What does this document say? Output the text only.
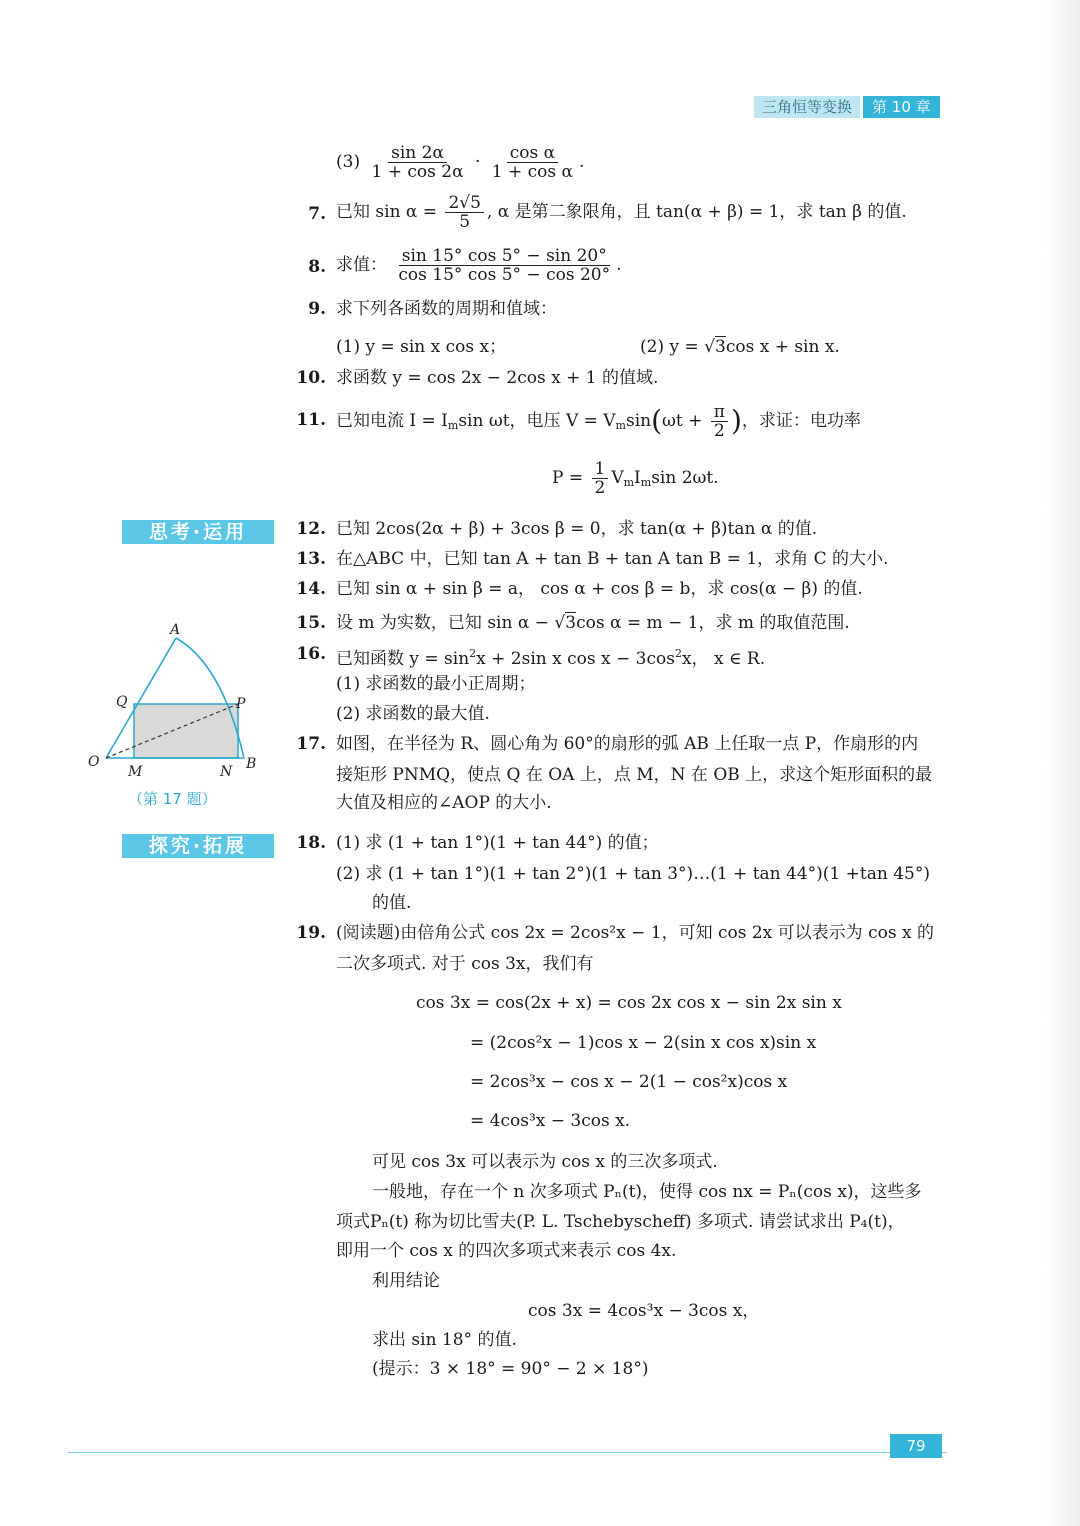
三角恒等变换	第 10 章
$(3) \frac{\sin 2\alpha}{1 + \cos 2\alpha} \cdot \frac{\text{cos α}}{\text{1 + cos α}}$ .
7. 已知 $\sin \alpha = \frac{2√5}{5}$ , α 是第二象限角，且 tan(α + β) = 1，求 tan β 的值.
8. 求值： $\frac{\sin 15^\circ \cos 5^\circ - \sin 20^\circ}{\cos 15^\circ \cos 5^\circ - \cos 20^\circ}$ .
9. 求下列各函数的周期和值域：
(1) y = sin x cos x；	(2) y = √3cos x + sin x.
10. 求函数 y = cos 2x − 2cos x + 1 的值域.
11. 已知电流 $I = I_m\sin$ ωt，电压 $V = V_m\sin(\omega t + \frac{\pi}{2}$ )，求证：电功率
$P = \frac{1}{2} V_mI_m\sin$ 2ωt.
思考·运用	12. 已知 2cos(2α + β) + 3cos β = 0，求 tan(α + β)tan α 的值.
13. 在△ABC 中，已知 tan A + tan B + tan A tan B = 1，求角 C 的大小.
14. 已知 sin α + sin β = a， cos α + cos β = b，求 cos(α − β) 的值.
15. 设 m 为实数，已知 sin α − √3cos α = m − 1，求 m 的取值范围.
16. 已知函数 $y = \sin^2x + 2\sin$ x $\cos x - 3\cos^2x$， x ∈ R.
(1) 求函数的最小正周期；
(2) 求函数的最大值.
17. 如图，在半径为 R、圆心角为 60°的扇形的弧 AB 上任取一点 P，作扇形的内
接矩形 PNMQ，使点 Q 在 OA 上，点 M，N 在 OB 上，求这个矩形面积的最
大值及相应的∠AOP 的大小.
A
P
Q
O
M	N B
（第 17 题）
探究·拓展	18. (1) 求 (1 + tan 1°)(1 + tan 44°) 的值；
(2) 求 (1 + tan 1°)(1 + tan 2°)(1 + tan 3°)…(1 + tan 44°)(1 +tan 45°)
的值.
19. (阅读题)由倍角公式 cos 2x = 2cos²x − 1，可知 cos 2x 可以表示为 cos x 的
二次多项式. 对于 cos 3x，我们有
cos 3x = cos(2x + x) = cos 2x cos x − sin 2x sin x
= (2cos²x − 1)cos x − 2(sin x cos x)sin x
= 2cos³x − cos x − 2(1 − cos²x)cos x
= 4cos³x − 3cos x.
可见 cos 3x 可以表示为 cos x 的三次多项式.
一般地，存在一个 n 次多项式 Pₙ(t)，使得 cos nx = Pₙ(cos x)，这些多
项式Pₙ(t) 称为切比雪夫(P. L. Tschebyscheff) 多项式. 请尝试求出 P₄(t)，
即用一个 cos x 的四次多项式来表示 cos 4x.
利用结论
cos 3x = 4cos³x − 3cos x，
求出 sin 18° 的值.
(提示：3 × 18° = 90° − 2 × 18°)
79
